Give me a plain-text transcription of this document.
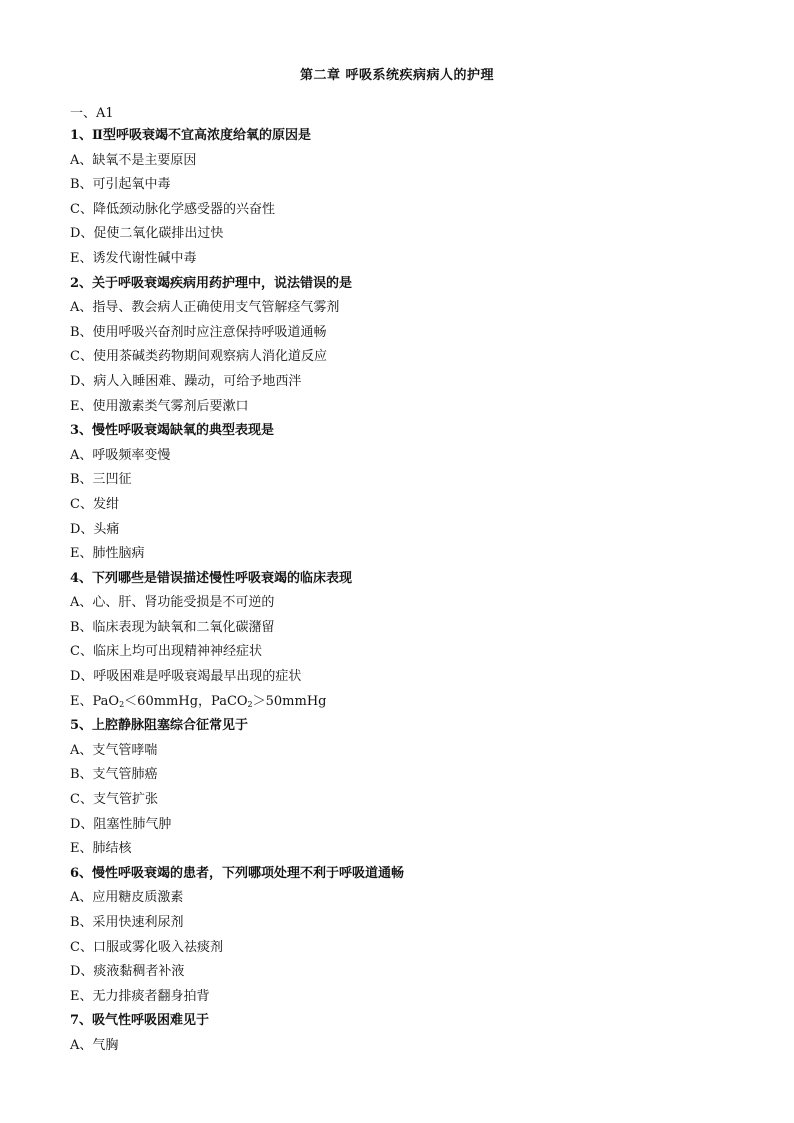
第二章 呼吸系统疾病病人的护理
一、A1
1、Ⅱ型呼吸衰竭不宜高浓度给氧的原因是
A、缺氧不是主要原因
B、可引起氧中毒
C、降低颈动脉化学感受器的兴奋性
D、促使二氧化碳排出过快
E、诱发代谢性碱中毒
2、关于呼吸衰竭疾病用药护理中，说法错误的是
A、指导、教会病人正确使用支气管解痉气雾剂
B、使用呼吸兴奋剂时应注意保持呼吸道通畅
C、使用茶碱类药物期间观察病人消化道反应
D、病人入睡困难、躁动，可给予地西泮
E、使用激素类气雾剂后要漱口
3、慢性呼吸衰竭缺氧的典型表现是
A、呼吸频率变慢
B、三凹征
C、发绀
D、头痛
E、肺性脑病
4、下列哪些是错误描述慢性呼吸衰竭的临床表现
A、心、肝、肾功能受损是不可逆的
B、临床表现为缺氧和二氧化碳潴留
C、临床上均可出现精神神经症状
D、呼吸困难是呼吸衰竭最早出现的症状
E、PaO$_2$＜60mmHg，PaCO$_2$＞50mmHg
5、上腔静脉阻塞综合征常见于
A、支气管哮喘
B、支气管肺癌
C、支气管扩张
D、阻塞性肺气肿
E、肺结核
6、慢性呼吸衰竭的患者，下列哪项处理不利于呼吸道通畅
A、应用糖皮质激素
B、采用快速利尿剂
C、口服或雾化吸入祛痰剂
D、痰液黏稠者补液
E、无力排痰者翻身拍背
7、吸气性呼吸困难见于
A、气胸
